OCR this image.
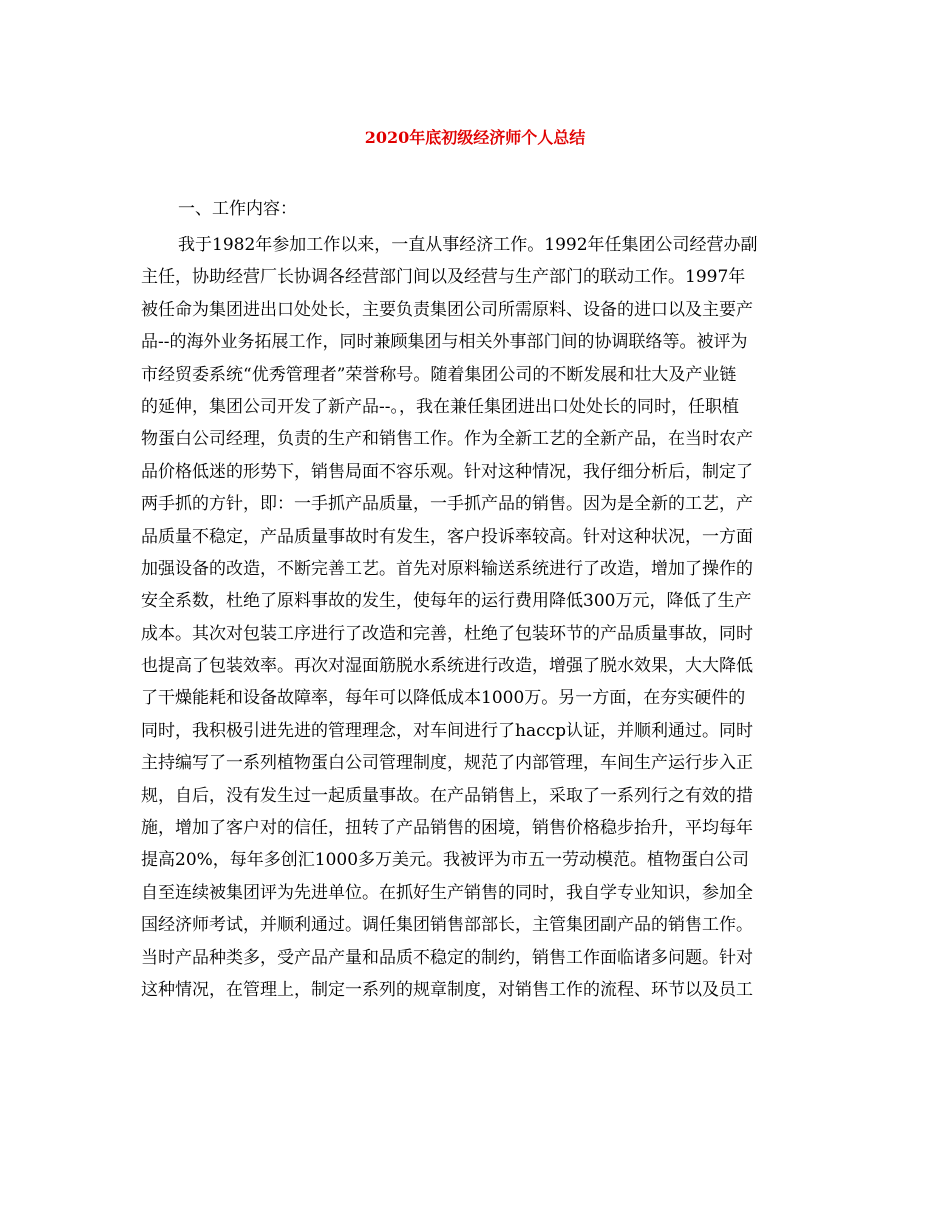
2020年底初级经济师个人总结
一、工作内容：
我于1982年参加工作以来，一直从事经济工作。1992年任集团公司经营办副
主任，协助经营厂长协调各经营部门间以及经营与生产部门的联动工作。1997年
被任命为集团进出口处处长，主要负责集团公司所需原料、设备的进口以及主要产
品--的海外业务拓展工作，同时兼顾集团与相关外事部门间的协调联络等。被评为
市经贸委系统“优秀管理者”荣誉称号。随着集团公司的不断发展和壮大及产业链
的延伸，集团公司开发了新产品--。，我在兼任集团进出口处处长的同时，任职植
物蛋白公司经理，负责的生产和销售工作。作为全新工艺的全新产品，在当时农产
品价格低迷的形势下，销售局面不容乐观。针对这种情况，我仔细分析后，制定了
两手抓的方针，即：一手抓产品质量，一手抓产品的销售。因为是全新的工艺，产
品质量不稳定，产品质量事故时有发生，客户投诉率较高。针对这种状况，一方面
加强设备的改造，不断完善工艺。首先对原料输送系统进行了改造，增加了操作的
安全系数，杜绝了原料事故的发生，使每年的运行费用降低300万元，降低了生产
成本。其次对包装工序进行了改造和完善，杜绝了包装环节的产品质量事故，同时
也提高了包装效率。再次对湿面筋脱水系统进行改造，增强了脱水效果，大大降低
了干燥能耗和设备故障率，每年可以降低成本1000万。另一方面，在夯实硬件的
同时，我积极引进先进的管理理念，对车间进行了haccp认证，并顺利通过。同时
主持编写了一系列植物蛋白公司管理制度，规范了内部管理，车间生产运行步入正
规，自后，没有发生过一起质量事故。在产品销售上，采取了一系列行之有效的措
施，增加了客户对的信任，扭转了产品销售的困境，销售价格稳步抬升，平均每年
提高20%，每年多创汇1000多万美元。我被评为市五一劳动模范。植物蛋白公司
自至连续被集团评为先进单位。在抓好生产销售的同时，我自学专业知识，参加全
国经济师考试，并顺利通过。调任集团销售部部长，主管集团副产品的销售工作。
当时产品种类多，受产品产量和品质不稳定的制约，销售工作面临诸多问题。针对
这种情况，在管理上，制定一系列的规章制度，对销售工作的流程、环节以及员工
